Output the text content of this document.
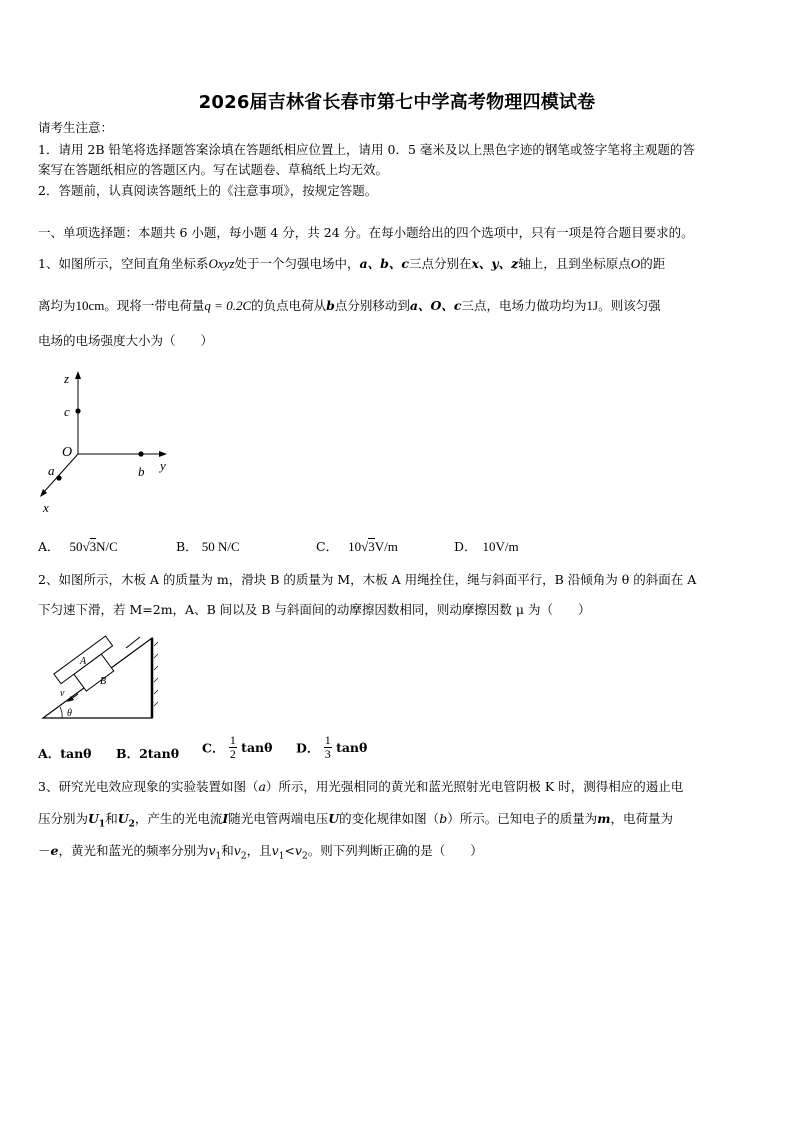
2026届吉林省长春市第七中学高考物理四模试卷
请考生注意：
1．请用 2B 铅笔将选择题答案涂填在答题纸相应位置上，请用 0．5 毫米及以上黑色字迹的钢笔或签字笔将主观题的答
案写在答题纸相应的答题区内。写在试题卷、草稿纸上均无效。
2．答题前，认真阅读答题纸上的《注意事项》，按规定答题。
一、单项选择题：本题共 6 小题，每小题 4 分，共 24 分。在每小题给出的四个选项中，只有一项是符合题目要求的。
1、如图所示，空间直角坐标系Oxyz处于一个匀强电场中，a、b、c三点分别在x、y、z轴上，且到坐标原点O的距
离均为10cm。现将一带电荷量q = 0.2C的负点电荷从b点分别移动到a、O、c三点，电场力做功均为1J。则该匀强
电场的电场强度大小为（　　）
z
c
O
b y
a
x
A． 50√3N/C	B． 50 N/C	C． 10√3V/m	D． 10V/m
2、如图所示，木板 A 的质量为 m，滑块 B 的质量为 M，木板 A 用绳拴住，绳与斜面平行，B 沿倾角为 θ 的斜面在 A
下匀速下滑，若 M=2m，A、B 间以及 B 与斜面间的动摩擦因数相同，则动摩擦因数 μ 为（　　）
A
B
v
θ
A．tanθ B．2tanθ C． $\frac{1}{2}$ tanθ D． $\frac{1}{3}$ tanθ
3、研究光电效应现象的实验装置如图（a）所示，用光强相同的黄光和蓝光照射光电管阴极 K 时，测得相应的遏止电
压分别为$U_1$和$U_2$，产生的光电流I随光电管两端电压U的变化规律如图（b）所示。已知电子的质量为m，电荷量为
－e，黄光和蓝光的频率分别为$v_1$和$v_2$，且$v_1<v_2$。则下列判断正确的是（　　）
